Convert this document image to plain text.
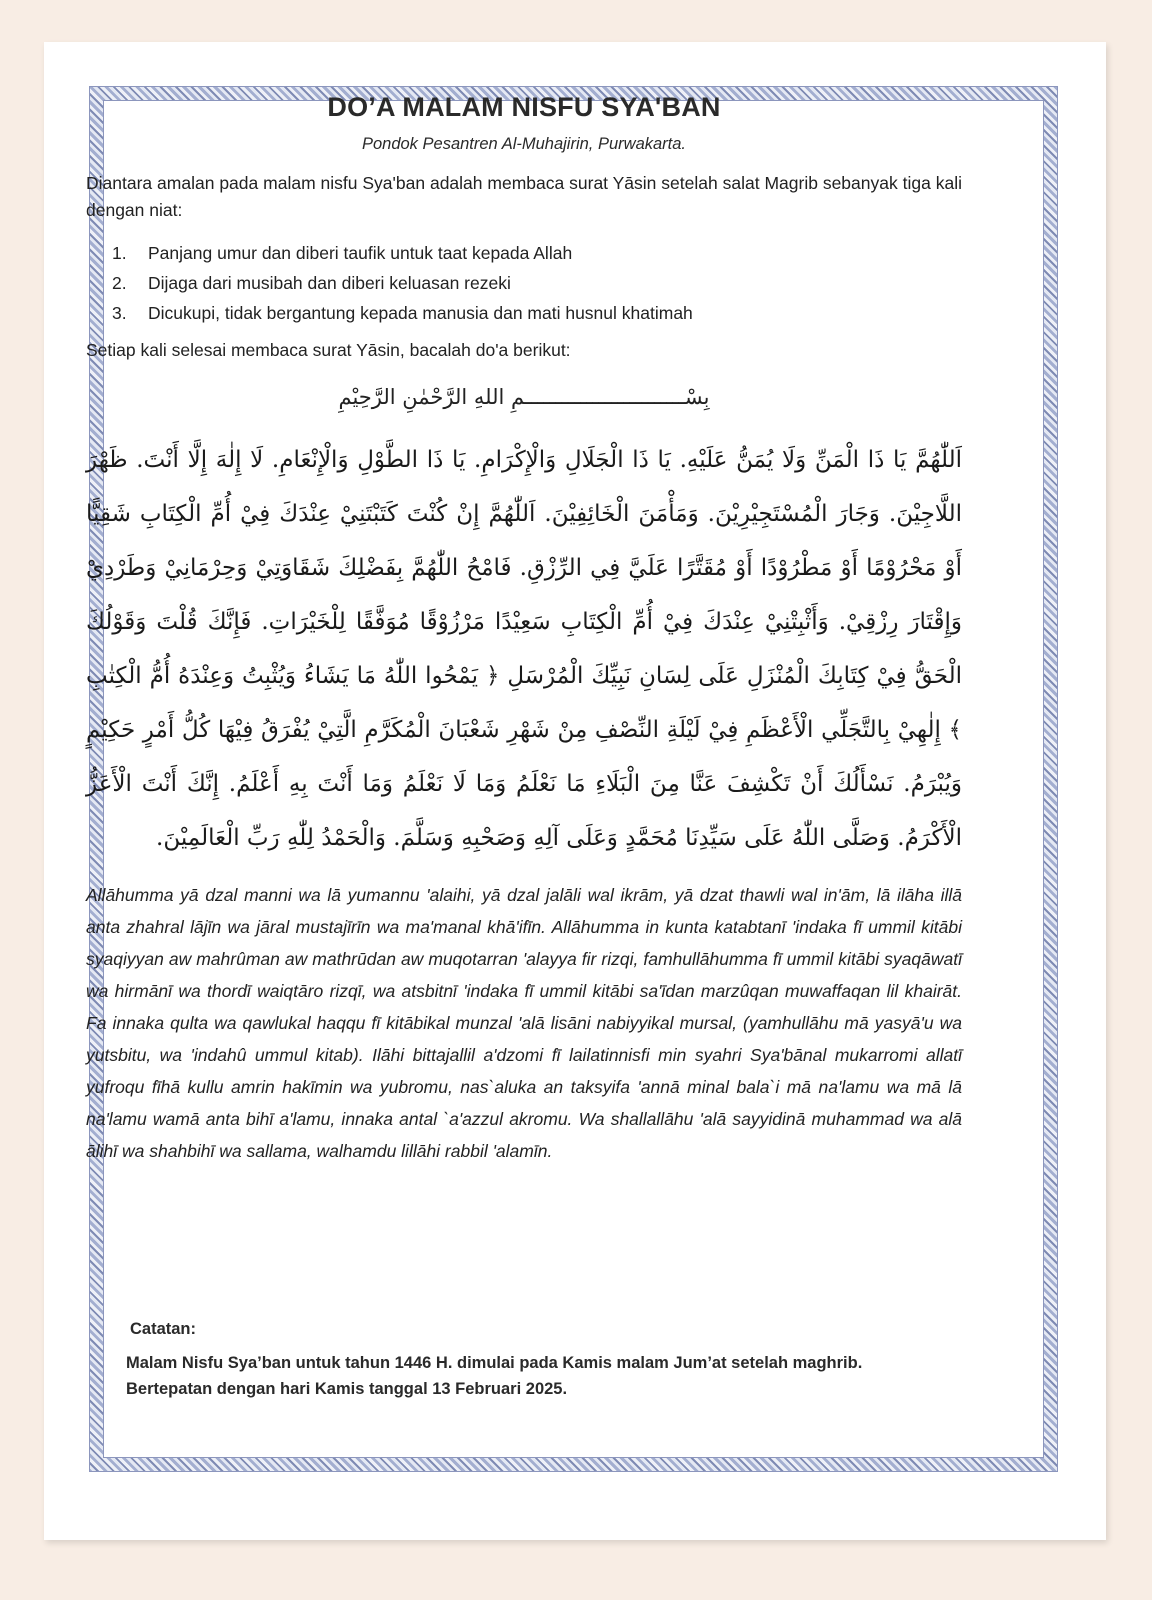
DO’A MALAM NISFU SYA'BAN

Pondok Pesantren Al-Muhajirin, Purwakarta.

Diantara amalan pada malam nisfu Sya'ban adalah membaca surat Yāsin setelah salat Magrib sebanyak tiga kali dengan niat:

1.	Panjang umur dan diberi taufik untuk taat kepada Allah
2.	Dijaga dari musibah dan diberi keluasan rezeki
3.	Dicukupi, tidak bergantung kepada manusia dan mati husnul khatimah

Setiap kali selesai membaca surat Yāsin, bacalah do'a berikut:

بِسْــــــــــــــــــــــــــمِ اللهِ الرَّحْمٰنِ الرَّحِيْمِ

اَللّٰهُمَّ يَا ذَا الْمَنِّ وَلَا يُمَنُّ عَلَيْهِ. يَا ذَا الْجَلَالِ وَالْإِكْرَامِ. يَا ذَا الطَّوْلِ وَالْإِنْعَامِ. لَا إِلٰهَ إِلَّا أَنْتَ. ظَهْرَ اللَّاجِيْنَ. وَجَارَ الْمُسْتَجِيْرِيْنَ. وَمَأْمَنَ الْخَائِفِيْنَ. اَللّٰهُمَّ إِنْ كُنْتَ كَتَبْتَنِيْ عِنْدَكَ فِيْ أُمِّ الْكِتَابِ شَقِيًّا أَوْ مَحْرُوْمًا أَوْ مَطْرُوْدًا أَوْ مُقَتَّرًا عَلَيَّ فِي الرِّزْقِ. فَامْحُ اللّٰهُمَّ بِفَضْلِكَ شَقَاوَتِيْ وَحِرْمَانِيْ وَطَرْدِيْ وَإِقْتَارَ رِزْقِيْ. وَأَثْبِتْنِيْ عِنْدَكَ فِيْ أُمِّ الْكِتَابِ سَعِيْدًا مَرْزُوْقًا مُوَفَّقًا لِلْخَيْرَاتِ. فَإِنَّكَ قُلْتَ وَقَوْلُكَ الْحَقُّ فِيْ كِتَابِكَ الْمُنْزَلِ عَلَى لِسَانِ نَبِيِّكَ الْمُرْسَلِ ﴿ يَمْحُوا اللّٰهُ مَا يَشَاءُ وَيُثْبِتُ وَعِنْدَهُ أُمُّ الْكِتٰبِ ﴾ إِلٰهِيْ بِالتَّجَلِّي الْأَعْظَمِ فِيْ لَيْلَةِ النِّصْفِ مِنْ شَهْرِ شَعْبَانَ الْمُكَرَّمِ الَّتِيْ يُفْرَقُ فِيْهَا كُلُّ أَمْرٍ حَكِيْمٍ وَيُبْرَمُ. نَسْأَلُكَ أَنْ تَكْشِفَ عَنَّا مِنَ الْبَلَاءِ مَا نَعْلَمُ وَمَا لَا نَعْلَمُ وَمَا أَنْتَ بِهِ أَعْلَمُ. إِنَّكَ أَنْتَ الْأَعَزُّ الْأَكْرَمُ. وَصَلَّى اللّٰهُ عَلَى سَيِّدِنَا مُحَمَّدٍ وَعَلَى آلِهِ وَصَحْبِهِ وَسَلَّمَ. وَالْحَمْدُ لِلّٰهِ رَبِّ الْعَالَمِيْنَ.

Allāhumma yā dzal manni wa lā yumannu 'alaihi, yā dzal jalāli wal ikrām, yā dzat thawli wal in'ām, lā ilāha illā anta zhahral lājīn wa jāral mustajīrīn wa ma'manal khā'ifīn. Allāhumma in kunta katabtanī 'indaka fī ummil kitābi syaqiyyan aw mahrûman aw mathrūdan aw muqotarran 'alayya fir rizqi, famhullāhumma fī ummil kitābi syaqāwatī wa hirmānī wa thordī waiqtāro rizqī, wa atsbitnī 'indaka fī ummil kitābi sa'īdan marzûqan muwaffaqan lil khairāt. Fa innaka qulta wa qawlukal haqqu fī kitābikal munzal 'alā lisāni nabiyyikal mursal, (yamhullāhu mā yasyā'u wa yutsbitu, wa 'indahû ummul kitab). Ilāhi bittajallil a'dzomi fī lailatinnisfi min syahri Sya'bānal mukarromi allatī yufroqu fīhā kullu amrin hakīmin wa yubromu, nas`aluka an taksyifa 'annā minal bala`i mā na'lamu wa mā lā na'lamu wamā anta bihī a'lamu, innaka antal `a'azzul akromu. Wa shallallāhu 'alā sayyidinā muhammad wa alā ālihī wa shahbihī wa sallama, walhamdu lillāhi rabbil 'alamīn.

Catatan:

Malam Nisfu Sya’ban untuk tahun 1446 H. dimulai pada Kamis malam Jum’at setelah maghrib.
Bertepatan dengan hari Kamis tanggal 13 Februari 2025.
